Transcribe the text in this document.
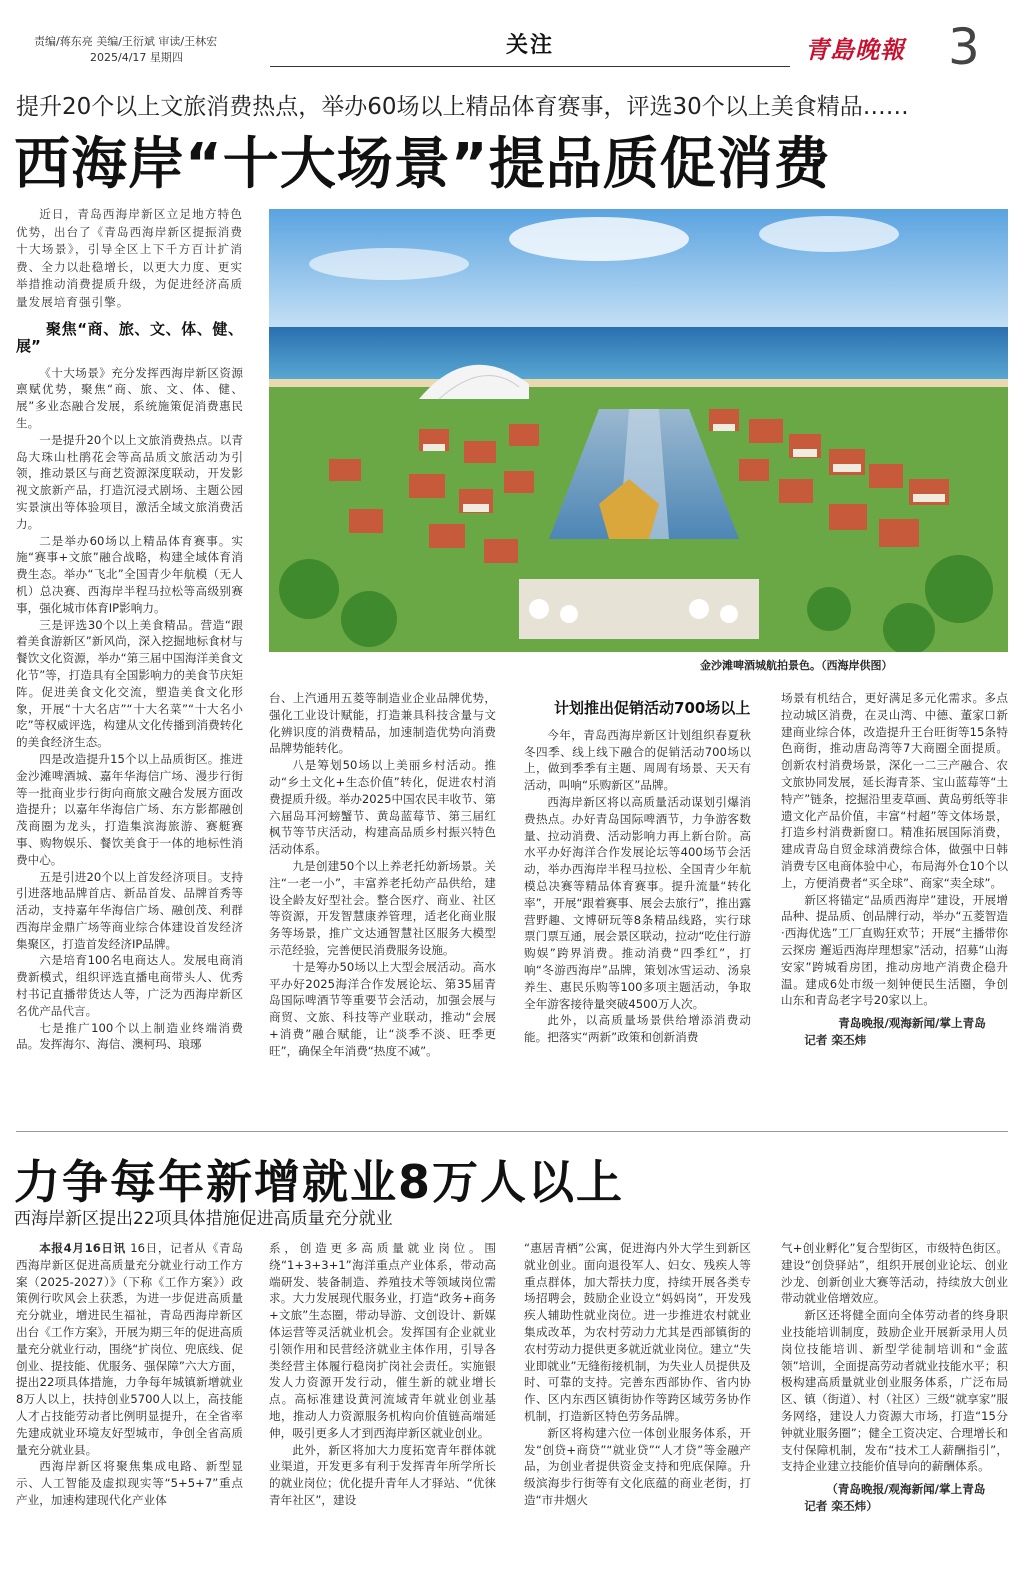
责编/蒋东亮 美编/王衍斌 审读/王林宏
2025/4/17 星期四	关注	青島晚報 3
提升20个以上文旅消费热点，举办60场以上精品体育赛事，评选30个以上美食精品……
西海岸“十大场景”提品质促消费

近日，青岛西海岸新区立足地方特色优势，出台了《青岛西海岸新区提振消费十大场景》，引导全区上下千方百计扩消费、全力以赴稳增长，以更大力度、更实举措推动消费提质升级，为促进经济高质量发展培育强引擎。

聚焦“商、旅、文、体、健、展”

《十大场景》充分发挥西海岸新区资源禀赋优势，聚焦“商、旅、文、体、健、展”多业态融合发展，系统施策促消费惠民生。

一是提升20个以上文旅消费热点。以青岛大珠山杜鹃花会等高品质文旅活动为引领，推动景区与商艺资源深度联动，开发影视文旅新产品，打造沉浸式剧场、主题公园实景演出等体验项目，激活全域文旅消费活力。

二是举办60场以上精品体育赛事。实施“赛事+文旅”融合战略，构建全域体育消费生态。举办“飞北”全国青少年航模（无人机）总决赛、西海岸半程马拉松等高级别赛事，强化城市体育IP影响力。

三是评选30个以上美食精品。营造“跟着美食游新区”新风尚，深入挖掘地标食材与餐饮文化资源，举办“第三届中国海洋美食文化节”等，打造具有全国影响力的美食节庆矩阵。促进美食文化交流，塑造美食文化形象，开展“十大名店”“十大名菜”“十大名小吃”等权威评选，构建从文化传播到消费转化的美食经济生态。

四是改造提升15个以上品质街区。推进金沙滩啤酒城、嘉年华海信广场、漫步行街等一批商业步行街向商旅文融合发展方面改造提升；以嘉年华海信广场、东方影都融创茂商圈为龙头，打造集滨海旅游、赛艇赛事、购物娱乐、餐饮美食于一体的地标性消费中心。

五是引进20个以上首发经济项目。支持引进落地品牌首店、新品首发、品牌首秀等活动，支持嘉年华海信广场、融创茂、利群西海岸金鼎广场等商业综合体建设首发经济集聚区，打造首发经济IP品牌。

六是培育100名电商达人。发展电商消费新模式，组织评选直播电商带头人、优秀村书记直播带货达人等，广泛为西海岸新区名优产品代言。

七是推广100个以上制造业终端消费品。发挥海尔、海信、澳柯玛、琅琊

金沙滩啤酒城航拍景色。（西海岸供图）

台、上汽通用五菱等制造业企业品牌优势，强化工业设计赋能，打造兼具科技含量与文化辨识度的消费精品，加速制造优势向消费品牌势能转化。

八是筹划50场以上美丽乡村活动。推动“乡土文化+生态价值”转化，促进农村消费提质升级。举办2025中国农民丰收节、第六届岛耳河螃蟹节、黄岛蓝莓节、第三届红枫节等节庆活动，构建高品质乡村振兴特色活动体系。

九是创建50个以上养老托幼新场景。关注“一老一小”，丰富养老托幼产品供给，建设全龄友好型社会。整合医疗、商业、社区等资源，开发智慧康养管理，适老化商业服务等场景，推广文达通智慧社区服务大模型示范经验，完善便民消费服务设施。

十是筹办50场以上大型会展活动。高水平办好2025海洋合作发展论坛、第35届青岛国际啤酒节等重要节会活动，加强会展与商贸、文旅、科技等产业联动，推动“会展+消费”融合赋能，让“淡季不淡、旺季更旺”，确保全年消费“热度不减”。

计划推出促销活动700场以上

今年，青岛西海岸新区计划组织春夏秋冬四季、线上线下融合的促销活动700场以上，做到季季有主题、周周有场景、天天有活动，叫响“乐购新区”品牌。

西海岸新区将以高质量活动谋划引爆消费热点。办好青岛国际啤酒节，力争游客数量、拉动消费、活动影响力再上新台阶。高水平办好海洋合作发展论坛等400场节会活动，举办西海岸半程马拉松、全国青少年航模总决赛等精品体育赛事。提升流量“转化率”，开展“跟着赛事、展会去旅行”，推出露营野趣、文博研玩等8条精品线路，实行球票门票互通，展会景区联动，拉动“吃住行游购娱”跨界消费。推动消费“四季红”，打响“冬游西海岸”品牌，策划冰雪运动、汤泉养生、惠民乐购等100多项主题活动，争取全年游客接待量突破4500万人次。

此外，以高质量场景供给增添消费动能。把落实“两新”政策和创新消费

场景有机结合，更好满足多元化需求。多点拉动城区消费，在灵山湾、中德、董家口新建商业综合体，改造提升王台旺街等15条特色商街，推动唐岛湾等7大商圈全面提质。创新农村消费场景，深化一二三产融合、农文旅协同发展，延长海青茶、宝山蓝莓等“土特产”链条，挖掘沿里麦草画、黄岛剪纸等非遗文化产品价值，丰富“村超”等文体场景，打造乡村消费新窗口。精准拓展国际消费，建成青岛自贸金球消费综合体，做强中日韩消费专区电商体验中心，布局海外仓10个以上，方便消费者“买全球”、商家“卖全球”。

新区将锚定“品质西海岸”建设，开展增品种、提品质、创品牌行动，举办“五菱智造·西海优选”工厂直购狂欢节；开展“主播带你云探房 邂逅西海岸理想家”活动，招募“山海安家”跨城看房团，推动房地产消费企稳升温。建成6处市级一刻钟便民生活圈，争创山东和青岛老字号20家以上。

青岛晚报/观海新闻/掌上青岛

记者 栾丕炜

力争每年新增就业8万人以上
西海岸新区提出22项具体措施促进高质量充分就业

本报4月16日讯 16日，记者从《青岛西海岸新区促进高质量充分就业行动工作方案（2025-2027）》（下称《工作方案》）政策例行吹风会上获悉，为进一步促进高质量充分就业，增进民生福祉，青岛西海岸新区出台《工作方案》，开展为期三年的促进高质量充分就业行动，围绕“扩岗位、兜底线、促创业、提技能、优服务、强保障”六大方面，提出22项具体措施，力争每年城镇新增就业8万人以上，扶持创业5700人以上，高技能人才占技能劳动者比例明显提升，在全省率先建成就业环境友好型城市，争创全省高质量充分就业县。

西海岸新区将聚焦集成电路、新型显示、人工智能及虚拟现实等“5+5+7”重点产业，加速构建现代化产业体

系，创造更多高质量就业岗位。围绕“1+3+3+1”海洋重点产业体系，带动高端研发、装备制造、养殖技术等领域岗位需求。大力发展现代服务业，打造“政务+商务+文旅”生态圈，带动导游、文创设计、新媒体运营等灵活就业机会。发挥国有企业就业引领作用和民营经济就业主体作用，引导各类经营主体履行稳岗扩岗社会责任。实施银发人力资源开发行动，催生新的就业增长点。高标准建设黄河流域青年就业创业基地，推动人力资源服务机构向价值链高端延伸，吸引更多人才到西海岸新区就业创业。

此外，新区将加大力度拓宽青年群体就业渠道，开发更多有利于发挥青年所学所长的就业岗位；优化提升青年人才驿站、“优徕青年社区”，建设

“惠居青栖”公寓，促进海内外大学生到新区就业创业。面向退役军人、妇女、残疾人等重点群体，加大帮扶力度，持续开展各类专场招聘会，鼓励企业设立“妈妈岗”，开发残疾人辅助性就业岗位。进一步推进农村就业集成改革，为农村劳动力尤其是西部镇街的农村劳动力提供更多就近就业岗位。建立“失业即就业”无缝衔接机制，为失业人员提供及时、可靠的支持。完善东西部协作、省内协作、区内东西区镇街协作等跨区域劳务协作机制，打造新区特色劳务品牌。

新区将构建六位一体创业服务体系，开发“创贷+商贷”“就业贷”“人才贷”等金融产品，为创业者提供资金支持和兜底保障。升级滨海步行街等有文化底蕴的商业老街，打造“市井烟火

气+创业孵化”复合型街区，市级特色街区。建设“创贷驿站”，组织开展创业论坛、创业沙龙、创新创业大赛等活动，持续放大创业带动就业倍增效应。

新区还将健全面向全体劳动者的终身职业技能培训制度，鼓励企业开展新录用人员岗位技能培训、新型学徒制培训和“金蓝领”培训，全面提高劳动者就业技能水平；积极构建高质量就业创业服务体系，广泛布局区、镇（街道）、村（社区）三级“就享家”服务网络，建设人力资源大市场，打造“15分钟就业服务圈”；健全工资决定、合理增长和支付保障机制，发布“技术工人薪酬指引”，支持企业建立技能价值导向的薪酬体系。

（青岛晚报/观海新闻/掌上青岛

记者 栾丕炜）
